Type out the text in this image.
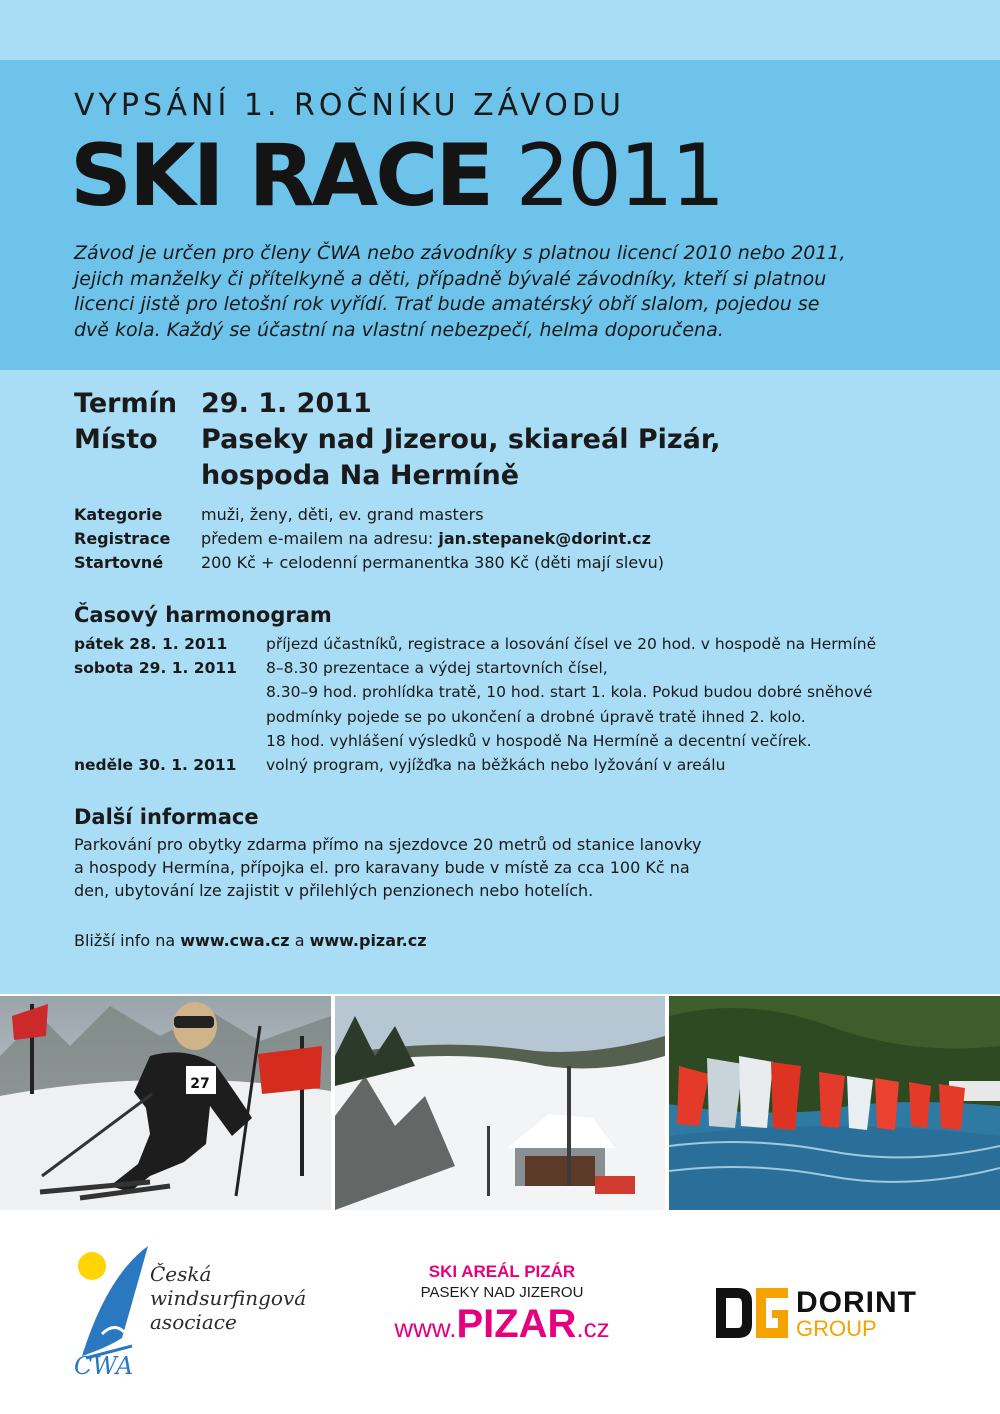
VYPSÁNÍ 1. ROČNÍKU ZÁVODU
SKI RACE 2011
Závod je určen pro členy ČWA nebo závodníky s platnou licencí 2010 nebo 2011,
jejich manželky či přítelkyně a děti, případně bývalé závodníky, kteří si platnou
licenci jistě pro letošní rok vyřídí. Trať bude amatérský obří slalom, pojedou se
dvě kola. Každý se účastní na vlastní nebezpečí, helma doporučena.
Termín 29. 1. 2011
Místo Paseky nad Jizerou, skiareál Pizár,
hospoda Na Hermíně
Kategorie muži, ženy, děti, ev. grand masters
Registrace předem e-mailem na adresu: jan.stepanek@dorint.cz
Startovné 200 Kč + celodenní permanentka 380 Kč (děti mají slevu)
Časový harmonogram
pátek 28. 1. 2011	příjezd účastníků, registrace a losování čísel ve 20 hod. v hospodě na Hermíně
sobota 29. 1. 2011 8–8.30 prezentace a výdej startovních čísel,
8.30–9 hod. prohlídka tratě, 10 hod. start 1. kola. Pokud budou dobré sněhové
podmínky pojede se po ukončení a drobné úpravě tratě ihned 2. kolo.
18 hod. vyhlášení výsledků v hospodě Na Hermíně a decentní večírek.
neděle 30. 1. 2011 volný program, vyjížďka na běžkách nebo lyžování v areálu
Další informace
Parkování pro obytky zdarma přímo na sjezdovce 20 metrů od stanice lanovky
a hospody Hermína, přípojka el. pro karavany bude v místě za cca 100 Kč na
den, ubytování lze zajistit v přilehlých penzionech nebo hotelích.
Bližší info na www.cwa.cz a www.pizar.cz
27
Česká
windsurfingová
asociace
ČWA
SKI AREÁL PIZÁR
PASEKY NAD JIZEROU
www.PIZAR.cz
DORINT
GROUP
